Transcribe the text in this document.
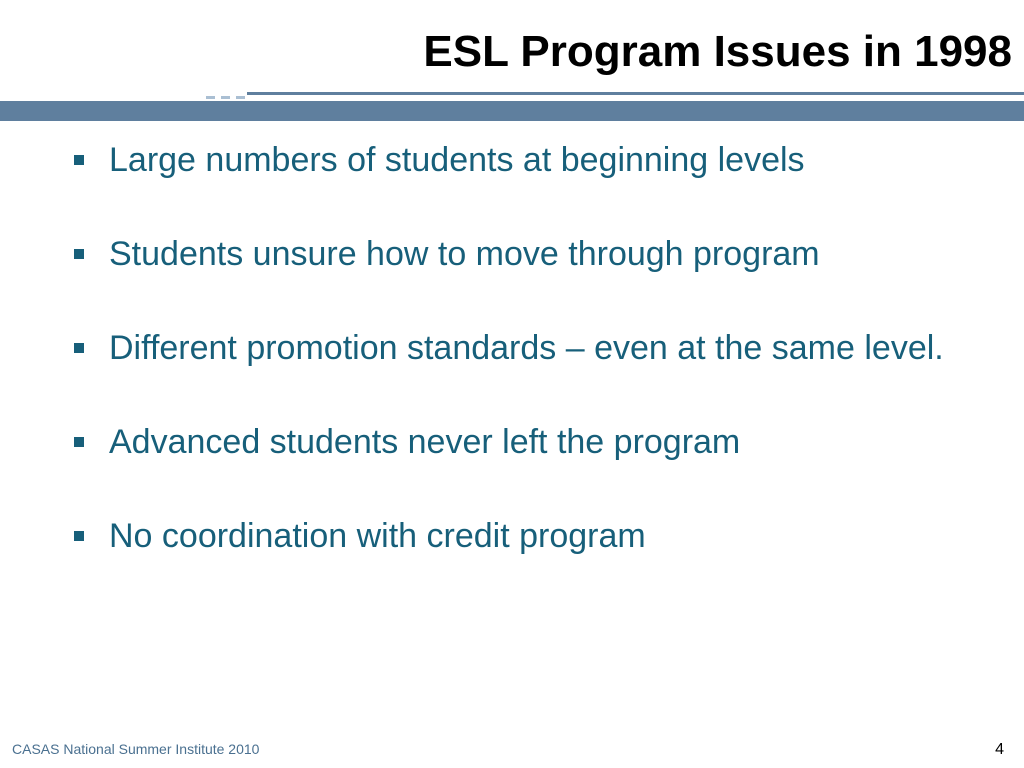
ESL Program Issues in 1998
Large numbers of students at beginning levels
Students unsure how to move through program
Different promotion standards – even at the same level.
Advanced students never left the program
No coordination with credit program
CASAS National Summer Institute 2010	4
